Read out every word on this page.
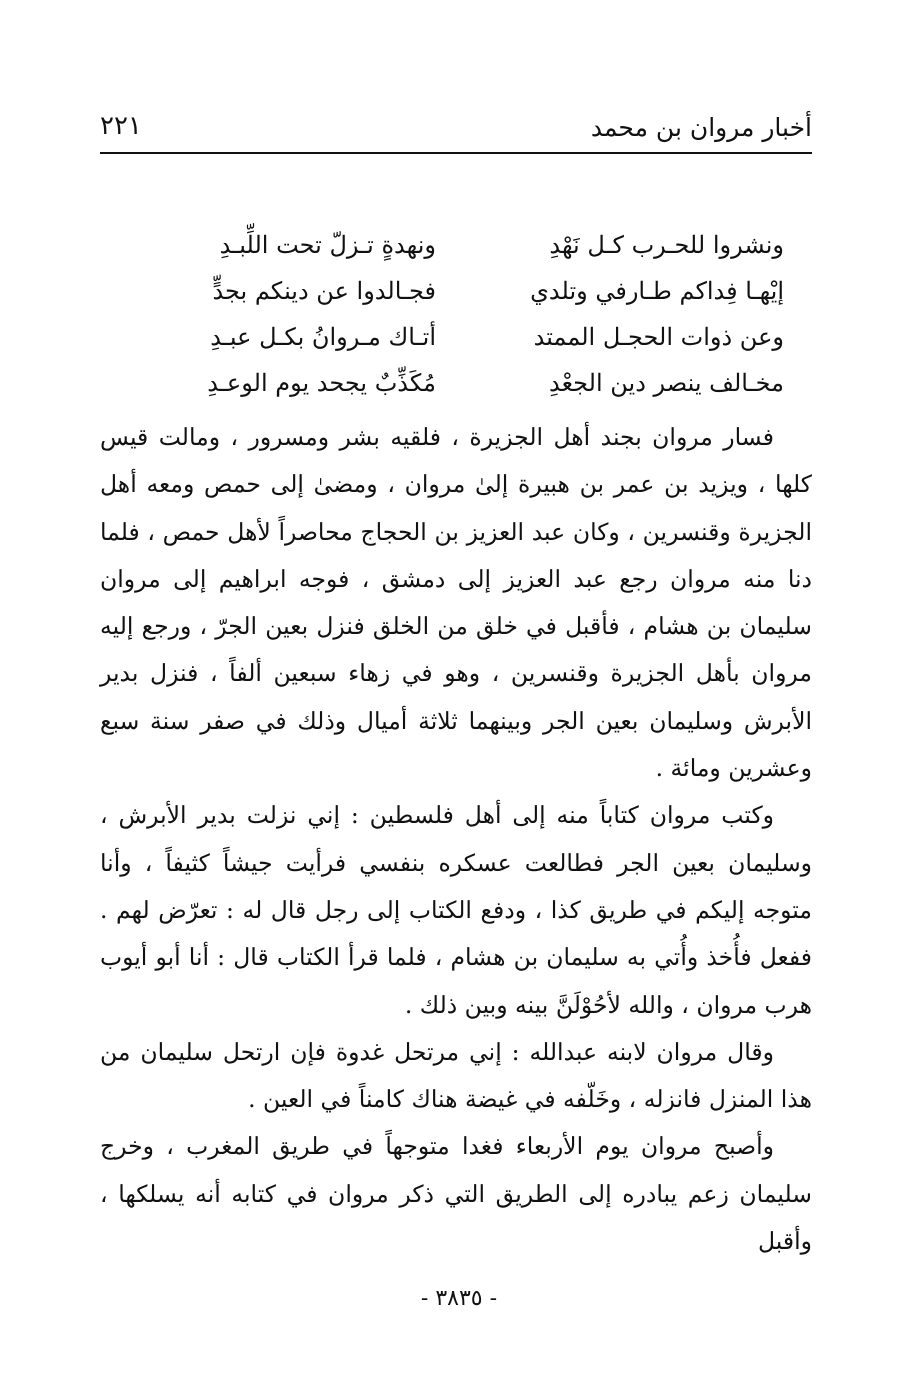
أخبار مروان بن محمد
٢٢١
ونشروا للحـرب كـل نَهْدِ
ونهدةٍ تـزلّ تحت اللِّبـدِ
إيْهـا فِداكم طـارفي وتلدي
فجـالدوا عن دينكم بجدٍّ
وعن ذوات الحجـل الممتد
أتـاك مـروانُ بكـل عبـدِ
مخـالف ينصر دين الجعْدِ
مُكَذِّبٌ يجحد يوم الوعـدِ

فسار مروان بجند أهل الجزيرة ، فلقيه بشر ومسرور ، ومالت قيس كلها ، ويزيد بن عمر بن هبيرة إلىٰ مروان ، ومضىٰ إلى حمص ومعه أهل الجزيرة وقنسرين ، وكان عبد العزيز بن الحجاج محاصراً لأهل حمص ، فلما دنا منه مروان رجع عبد العزيز إلى دمشق ، فوجه ابراهيم إلى مروان سليمان بن هشام ، فأقبل في خلق من الخلق فنزل بعين الجرّ ، ورجع إليه مروان بأهل الجزيرة وقنسرين ، وهو في زهاء سبعين ألفاً ، فنزل بدير الأبرش وسليمان بعين الجر وبينهما ثلاثة أميال وذلك في صفر سنة سبع وعشرين ومائة .

وكتب مروان كتاباً منه إلى أهل فلسطين : إني نزلت بدير الأبرش ، وسليمان بعين الجر فطالعت عسكره بنفسي فرأيت جيشاً كثيفاً ، وأنا متوجه إليكم في طريق كذا ، ودفع الكتاب إلى رجل قال له : تعرّض لهم . ففعل فأُخذ وأُتي به سليمان بن هشام ، فلما قرأ الكتاب قال : أنا أبو أيوب هرب مروان ، والله لأحُوْلَنَّ بينه وبين ذلك .

وقال مروان لابنه عبدالله : إني مرتحل غدوة فإن ارتحل سليمان من هذا المنزل فانزله ، وخَلّفه في غيضة هناك كامناً في العين .

وأصبح مروان يوم الأربعاء فغدا متوجهاً في طريق المغرب ، وخرج سليمان زعم يبادره إلى الطريق التي ذكر مروان في كتابه أنه يسلكها ، وأقبل

- ٣٨٣٥ -
